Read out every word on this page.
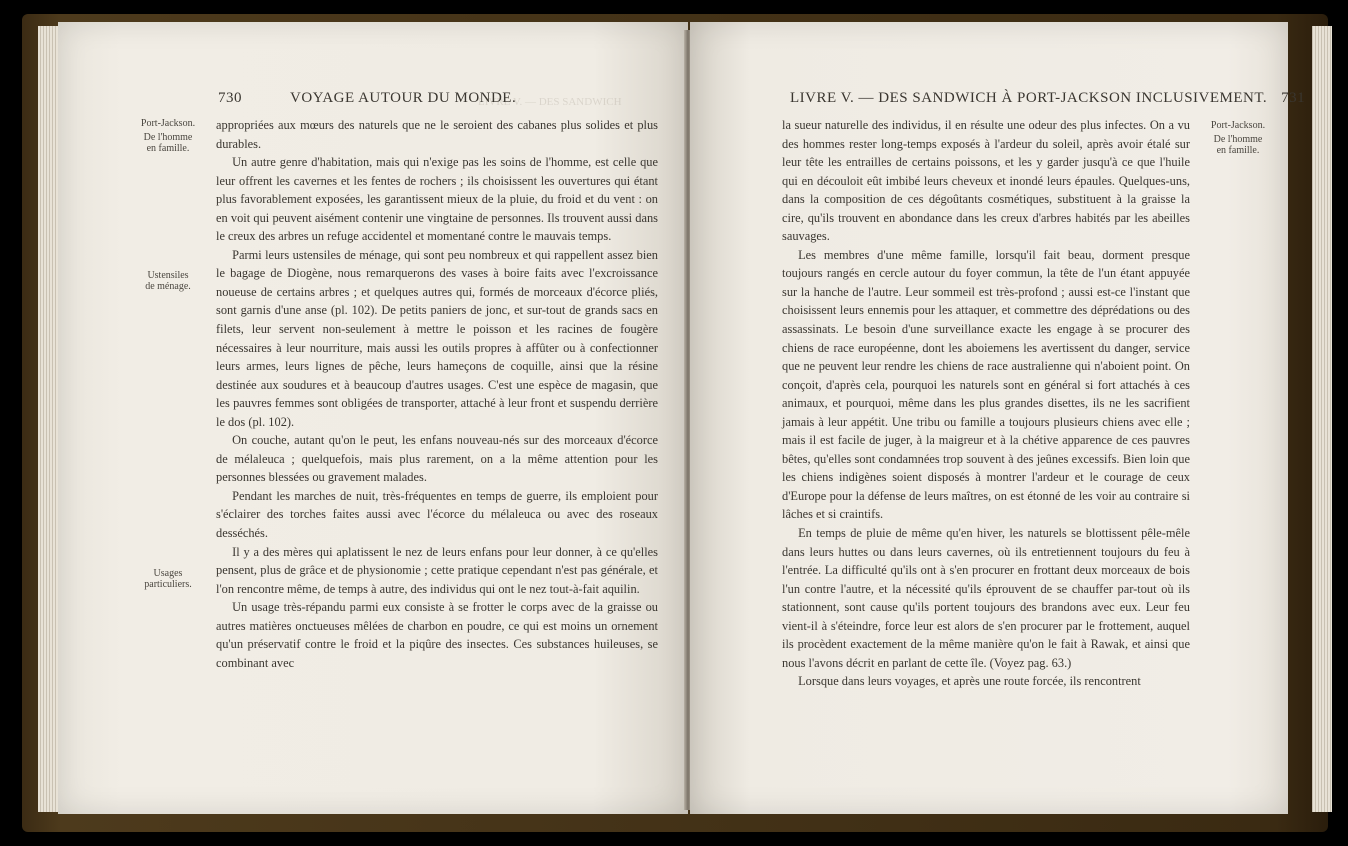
LIVRE V. — DES SANDWICH
730	VOYAGE AUTOUR DU MONDE.
Port-Jackson.
De l'homme
en famille.
Ustensiles
de ménage.
Usages
particuliers.

appropriées aux mœurs des naturels que ne le seroient des cabanes plus solides et plus durables.

Un autre genre d'habitation, mais qui n'exige pas les soins de l'homme, est celle que leur offrent les cavernes et les fentes de rochers ; ils choisissent les ouvertures qui étant plus favorablement exposées, les garantissent mieux de la pluie, du froid et du vent : on en voit qui peuvent aisément contenir une vingtaine de personnes. Ils trouvent aussi dans le creux des arbres un refuge accidentel et momentané contre le mauvais temps.

Parmi leurs ustensiles de ménage, qui sont peu nombreux et qui rappellent assez bien le bagage de Diogène, nous remarquerons des vases à boire faits avec l'excroissance noueuse de certains arbres ; et quelques autres qui, formés de morceaux d'écorce pliés, sont garnis d'une anse (pl. 102). De petits paniers de jonc, et sur-tout de grands sacs en filets, leur servent non-seulement à mettre le poisson et les racines de fougère nécessaires à leur nourriture, mais aussi les outils propres à affûter ou à confectionner leurs armes, leurs lignes de pêche, leurs hameçons de coquille, ainsi que la résine destinée aux soudures et à beaucoup d'autres usages. C'est une espèce de magasin, que les pauvres femmes sont obligées de transporter, attaché à leur front et suspendu derrière le dos (pl. 102).

On couche, autant qu'on le peut, les enfans nouveau-nés sur des morceaux d'écorce de mélaleuca ; quelquefois, mais plus rarement, on a la même attention pour les personnes blessées ou gravement malades.

Pendant les marches de nuit, très-fréquentes en temps de guerre, ils emploient pour s'éclairer des torches faites aussi avec l'écorce du mélaleuca ou avec des roseaux desséchés.

Il y a des mères qui aplatissent le nez de leurs enfans pour leur donner, à ce qu'elles pensent, plus de grâce et de physionomie ; cette pratique cependant n'est pas générale, et l'on rencontre même, de temps à autre, des individus qui ont le nez tout-à-fait aquilin.

Un usage très-répandu parmi eux consiste à se frotter le corps avec de la graisse ou autres matières onctueuses mêlées de charbon en poudre, ce qui est moins un ornement qu'un préservatif contre le froid et la piqûre des insectes. Ces substances huileuses, se combinant avec

LIVRE V. — DES SANDWICH À PORT-JACKSON INCLUSIVEMENT. 731
Port-Jackson.
De l'homme
en famille.

la sueur naturelle des individus, il en résulte une odeur des plus infectes. On a vu des hommes rester long-temps exposés à l'ardeur du soleil, après avoir étalé sur leur tête les entrailles de certains poissons, et les y garder jusqu'à ce que l'huile qui en découloit eût imbibé leurs cheveux et inondé leurs épaules. Quelques-uns, dans la composition de ces dégoûtants cosmétiques, substituent à la graisse la cire, qu'ils trouvent en abondance dans les creux d'arbres habités par les abeilles sauvages.

Les membres d'une même famille, lorsqu'il fait beau, dorment presque toujours rangés en cercle autour du foyer commun, la tête de l'un étant appuyée sur la hanche de l'autre. Leur sommeil est très-profond ; aussi est-ce l'instant que choisissent leurs ennemis pour les attaquer, et commettre des déprédations ou des assassinats. Le besoin d'une surveillance exacte les engage à se procurer des chiens de race européenne, dont les aboiemens les avertissent du danger, service que ne peuvent leur rendre les chiens de race australienne qui n'aboient point. On conçoit, d'après cela, pourquoi les naturels sont en général si fort attachés à ces animaux, et pourquoi, même dans les plus grandes disettes, ils ne les sacrifient jamais à leur appétit. Une tribu ou famille a toujours plusieurs chiens avec elle ; mais il est facile de juger, à la maigreur et à la chétive apparence de ces pauvres bêtes, qu'elles sont condamnées trop souvent à des jeûnes excessifs. Bien loin que les chiens indigènes soient disposés à montrer l'ardeur et le courage de ceux d'Europe pour la défense de leurs maîtres, on est étonné de les voir au contraire si lâches et si craintifs.

En temps de pluie de même qu'en hiver, les naturels se blottissent pêle-mêle dans leurs huttes ou dans leurs cavernes, où ils entretiennent toujours du feu à l'entrée. La difficulté qu'ils ont à s'en procurer en frottant deux morceaux de bois l'un contre l'autre, et la nécessité qu'ils éprouvent de se chauffer par-tout où ils stationnent, sont cause qu'ils portent toujours des brandons avec eux. Leur feu vient-il à s'éteindre, force leur est alors de s'en procurer par le frottement, auquel ils procèdent exactement de la même manière qu'on le fait à Rawak, et ainsi que nous l'avons décrit en parlant de cette île. (Voyez pag. 63.)

Lorsque dans leurs voyages, et après une route forcée, ils rencontrent
